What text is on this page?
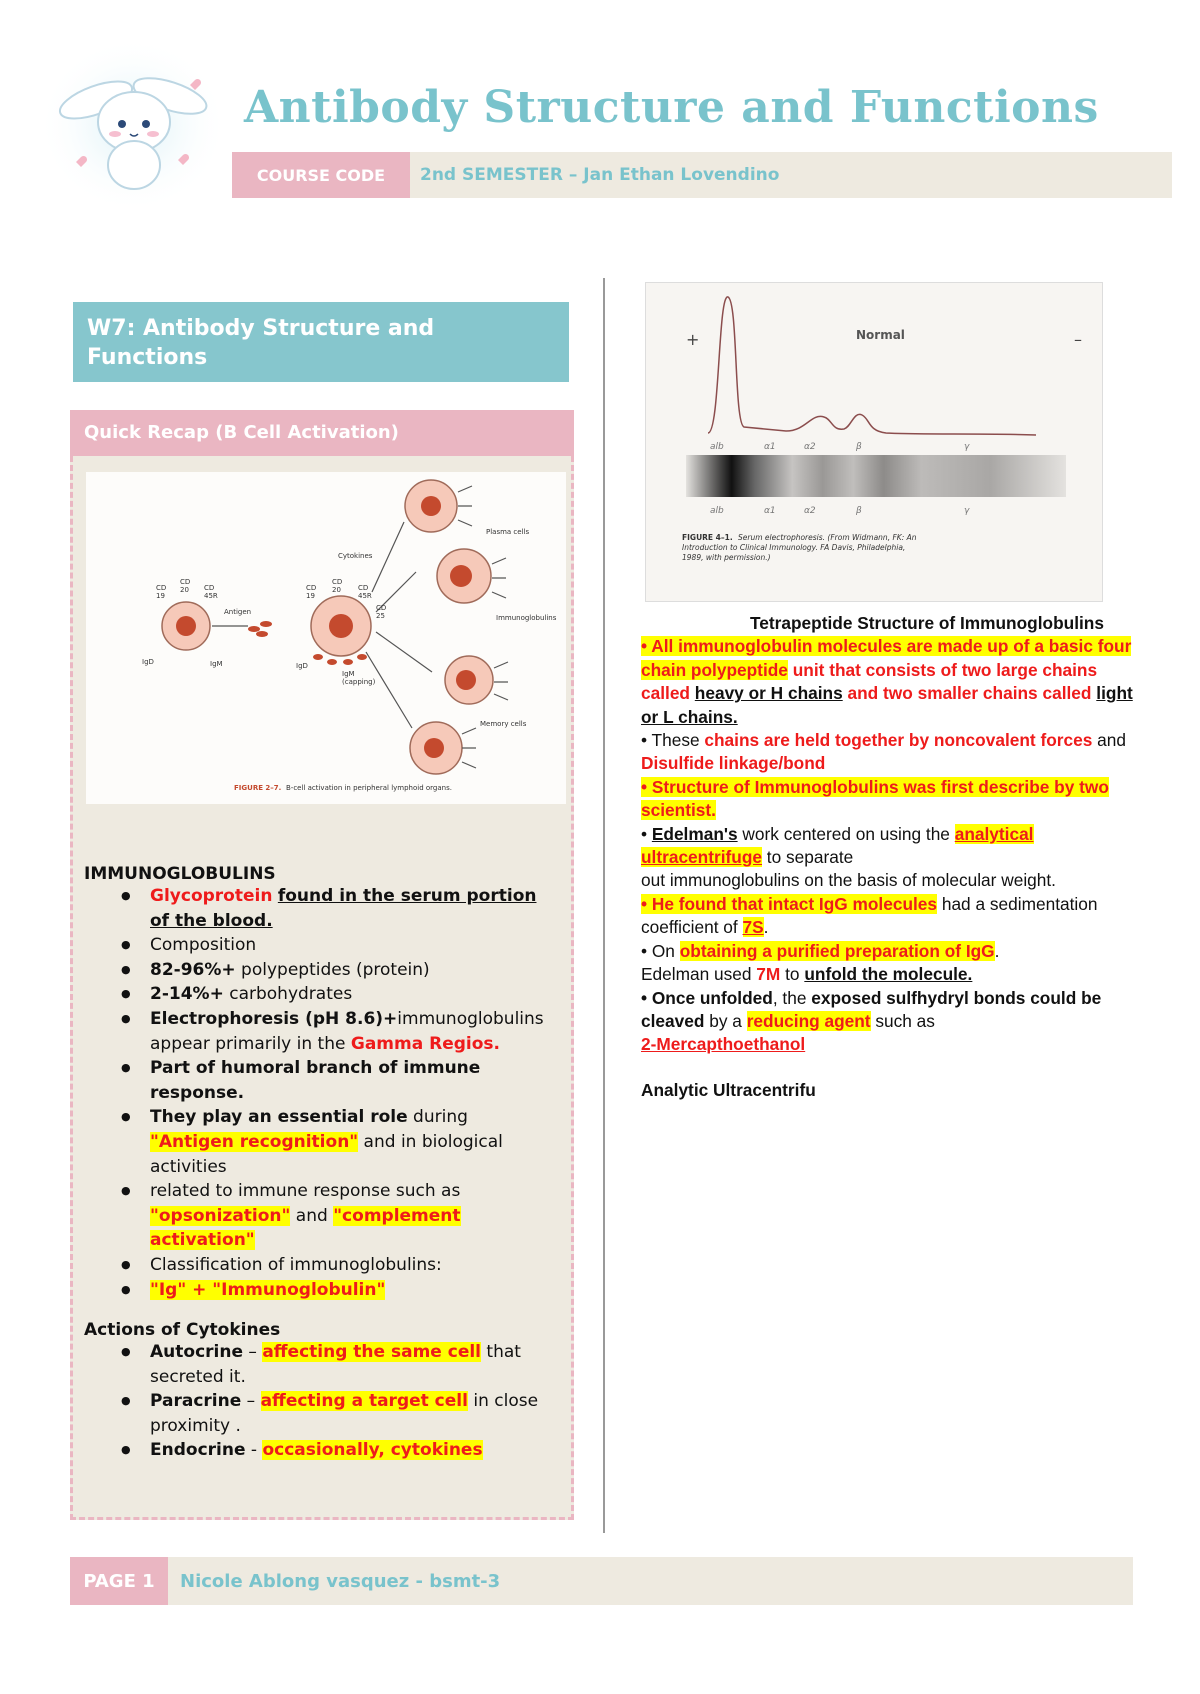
Antibody Structure and Functions
COURSE CODE	2nd SEMESTER – Jan Ethan Lovendino
W7: Antibody Structure and Functions
Quick Recap (B Cell Activation)
CD
19
CD
20 CD
45R
Antigen
IgD	IgM
CD
19
CD
20 CD
45R
Cytokines
CD
25
IgD
IgM
(capping)
Plasma cells
Immunoglobulins
Memory cells
FIGURE 2–7. B-cell activation in peripheral lymphoid organs.
IMMUNOGLOBULINS
● Glycoprotein found in the serum portion of the blood.
● Composition
● 82-96%+ polypeptides (protein)
● 2-14%+ carbohydrates
● Electrophoresis (pH 8.6)+immunoglobulins appear primarily in the Gamma Regios.
● Part of humoral branch of immune response.
● They play an essential role during "Antigen recognition" and in biological activities
● related to immune response such as "opsonization" and "complement activation"
● Classification of immunoglobulins:
● "Ig" + "Immunoglobulin"
Actions of Cytokines
● Autocrine – affecting the same cell that secreted it.
● Paracrine – affecting a target cell in close proximity .
● Endocrine - occasionally, cytokines
+	–
Normal
alb	α1	α2	β	γ
alb	α1	α2	β	γ
FIGURE 4–1. Serum electrophoresis. (From Widmann, FK: An
Introduction to Clinical Immunology. FA Davis, Philadelphia,
1989, with permission.)
Tetrapeptide Structure of Immunoglobulins
• All immunoglobulin molecules are made up of a basic four chain polypeptide unit that consists of two large chains called heavy or H chains and two smaller chains called light or L chains.
• These chains are held together by noncovalent forces and Disulfide linkage/bond
• Structure of Immunoglobulins was first describe by two scientist.
• Edelman's work centered on using the analytical ultracentrifuge to separate
out immunoglobulins on the basis of molecular weight.
• He found that intact IgG molecules had a sedimentation coefficient of 7S.
• On obtaining a purified preparation of IgG.
Edelman used 7M to unfold the molecule.
• Once unfolded, the exposed sulfhydryl bonds could be cleaved by a reducing agent such as
2-Mercapthoethanol
Analytic Ultracentrifu
PAGE 1	Nicole Ablong vasquez - bsmt-3
